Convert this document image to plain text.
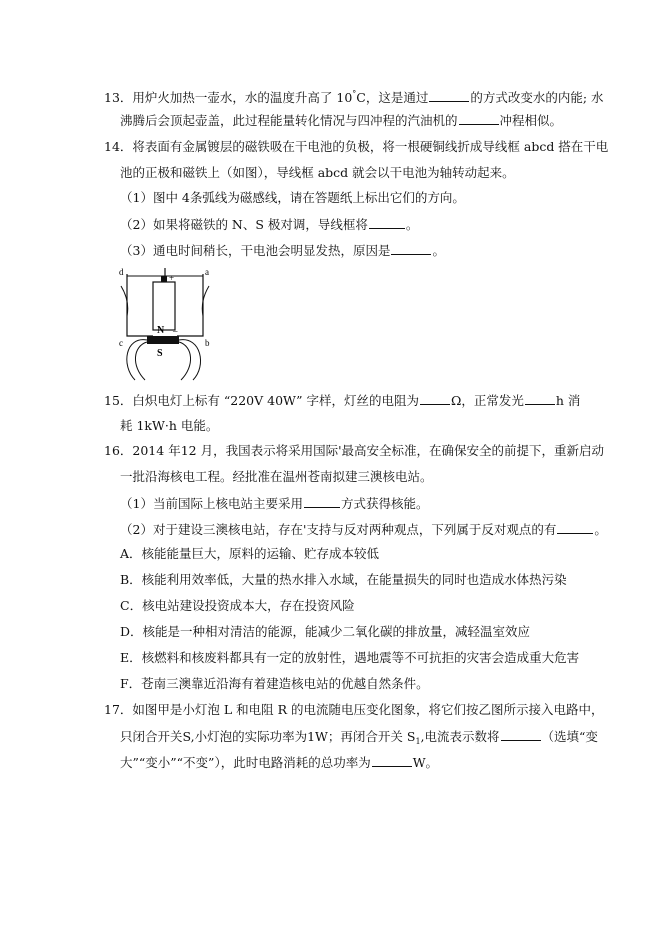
13．用炉火加热一壶水，水的温度升高了 10°C，这是通过	的方式改变水的内能; 水
沸腾后会顶起壶盖，此过程能量转化情况与四冲程的汽油机的	冲程相似。
14．将表面有金属镀层的磁铁吸在干电池的负极，将一根硬铜线折成导线框 abcd 搭在干电
池的正极和磁铁上（如图），导线框 abcd 就会以干电池为轴转动起来。
（1）图中 4条弧线为磁感线，请在答题纸上标出它们的方向。
（2）如果将磁铁的 N、S 极对调，导线框将	。
（3）通电时间稍长，干电池会明显发热，原因是	。
d	a
c	b
+
–
N
S
15．白炽电灯上标有 “220V 40W” 字样，灯丝的电阻为	Ω，正常发光	h 消
耗 1kW·h 电能。
16．2014 年12 月，我国表示将采用国际'最高安全标准，在确保安全的前提下，重新启动
一批沿海核电工程。经批准在温州苍南拟建三澳核电站。
（1）当前国际上核电站主要采用	方式获得核能。
（2）对于建设三澳核电站，存在'支持与反对两种观点，下列属于反对观点的有	。
A．核能能量巨大，原料的运输、贮存成本较低
B．核能利用效率低，大量的热水排入水域，在能量损失的同时也造成水体热污染
C．核电站建设投资成本大，存在投资风险
D．核能是一种相对清洁的能源，能减少二氧化碳的排放量，减轻温室效应
E．核燃料和核废料都具有一定的放射性，遇地震等不可抗拒的灾害会造成重大危害
F．苍南三澳靠近沿海有着建造核电站的优越自然条件。
17．如图甲是小灯泡 L 和电阻 R 的电流随电压变化图象，将它们按乙图所示接入电路中，
只闭合开关S,小灯泡的实际功率为1W；再闭合开关 $S_1$,电流表示数将	（选填“变
大”“变小”“不变”），此时电路消耗的总功率为	W。
